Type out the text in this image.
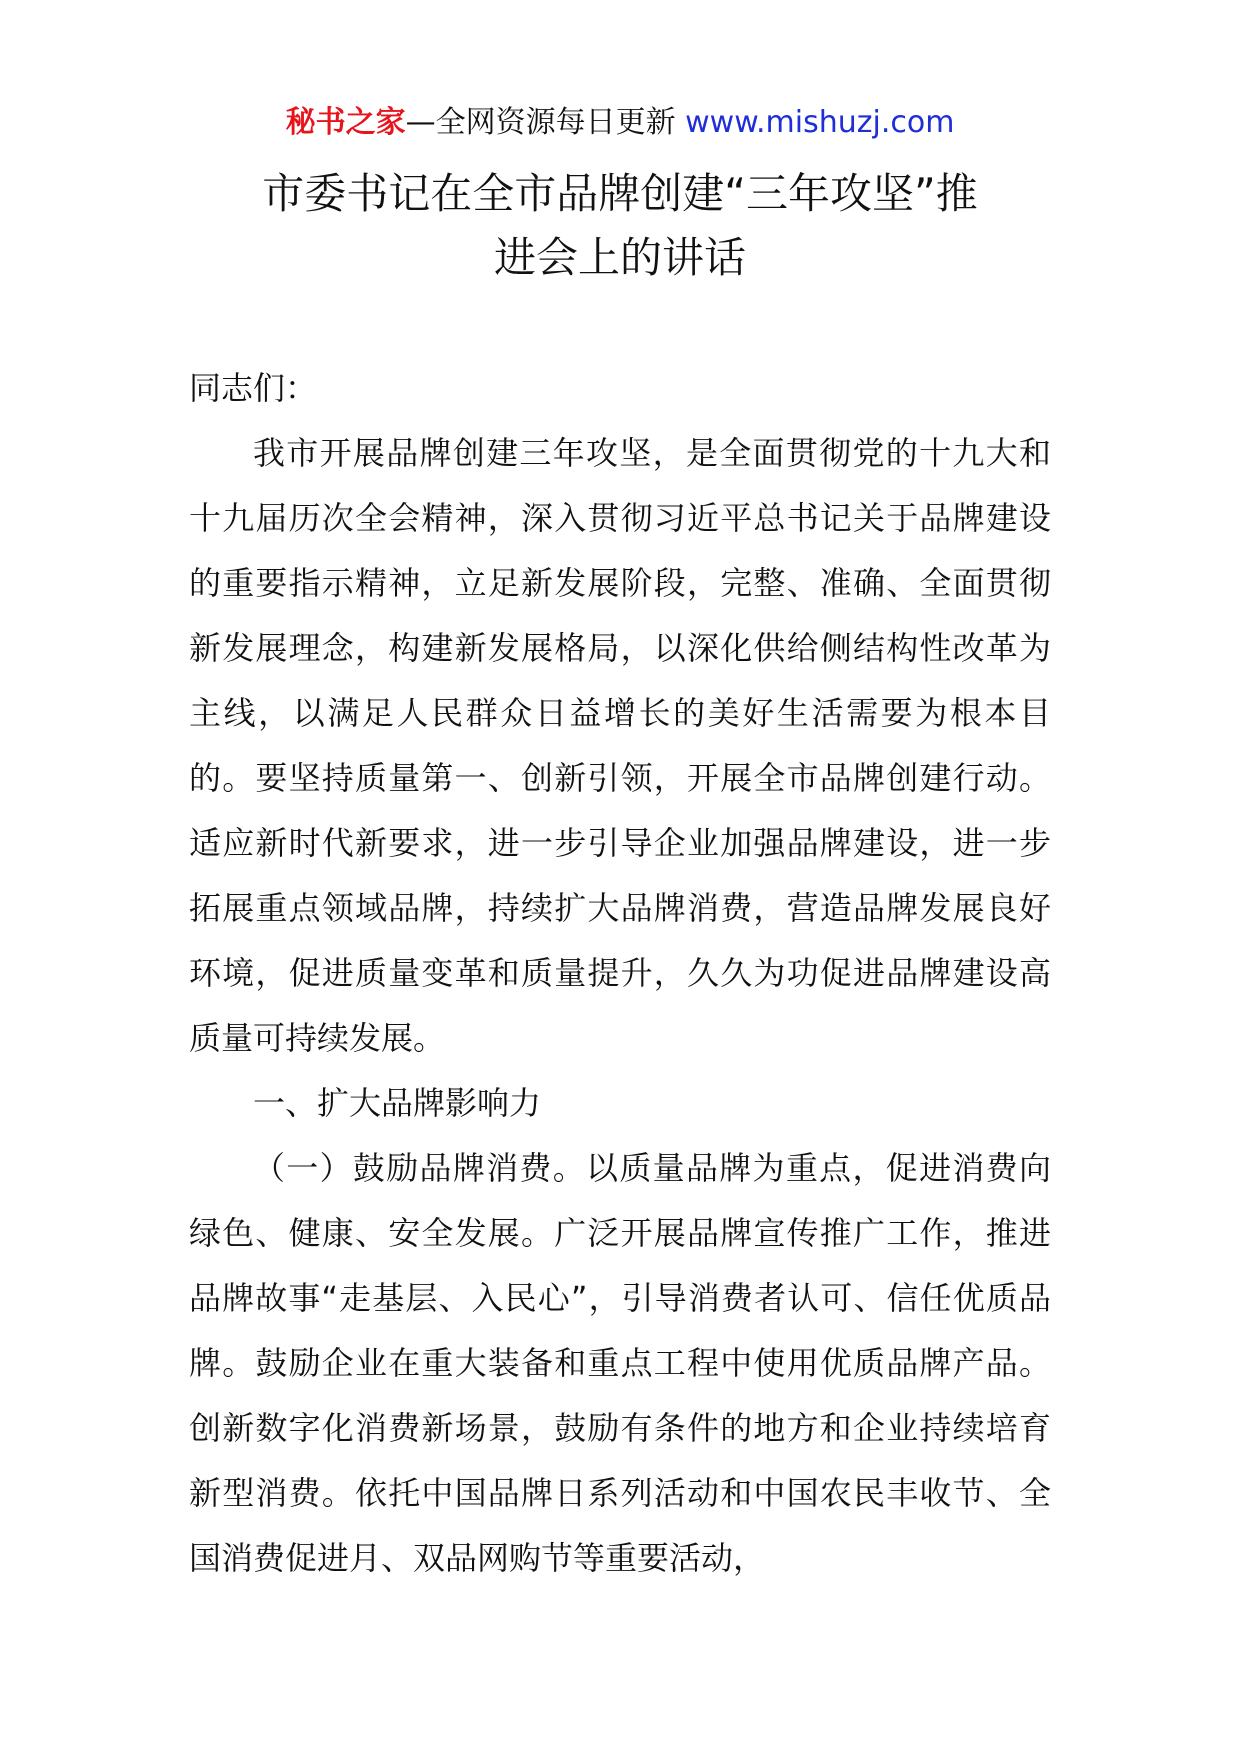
秘书之家—全网资源每日更新 www.mishuzj.com
市委书记在全市品牌创建“三年攻坚”推
进会上的讲话

同志们：

我市开展品牌创建三年攻坚，是全面贯彻党的十九大和十九届历次全会精神，深入贯彻习近平总书记关于品牌建设的重要指示精神，立足新发展阶段，完整、准确、全面贯彻新发展理念，构建新发展格局，以深化供给侧结构性改革为主线，以满足人民群众日益增长的美好生活需要为根本目的。要坚持质量第一、创新引领，开展全市品牌创建行动。适应新时代新要求，进一步引导企业加强品牌建设，进一步拓展重点领域品牌，持续扩大品牌消费，营造品牌发展良好环境，促进质量变革和质量提升，久久为功促进品牌建设高质量可持续发展。

一、扩大品牌影响力

（一）鼓励品牌消费。以质量品牌为重点，促进消费向绿色、健康、安全发展。广泛开展品牌宣传推广工作，推进品牌故事“走基层、入民心”，引导消费者认可、信任优质品牌。鼓励企业在重大装备和重点工程中使用优质品牌产品。创新数字化消费新场景，鼓励有条件的地方和企业持续培育新型消费。依托中国品牌日系列活动和中国农民丰收节、全国消费促进月、双品网购节等重要活动，
